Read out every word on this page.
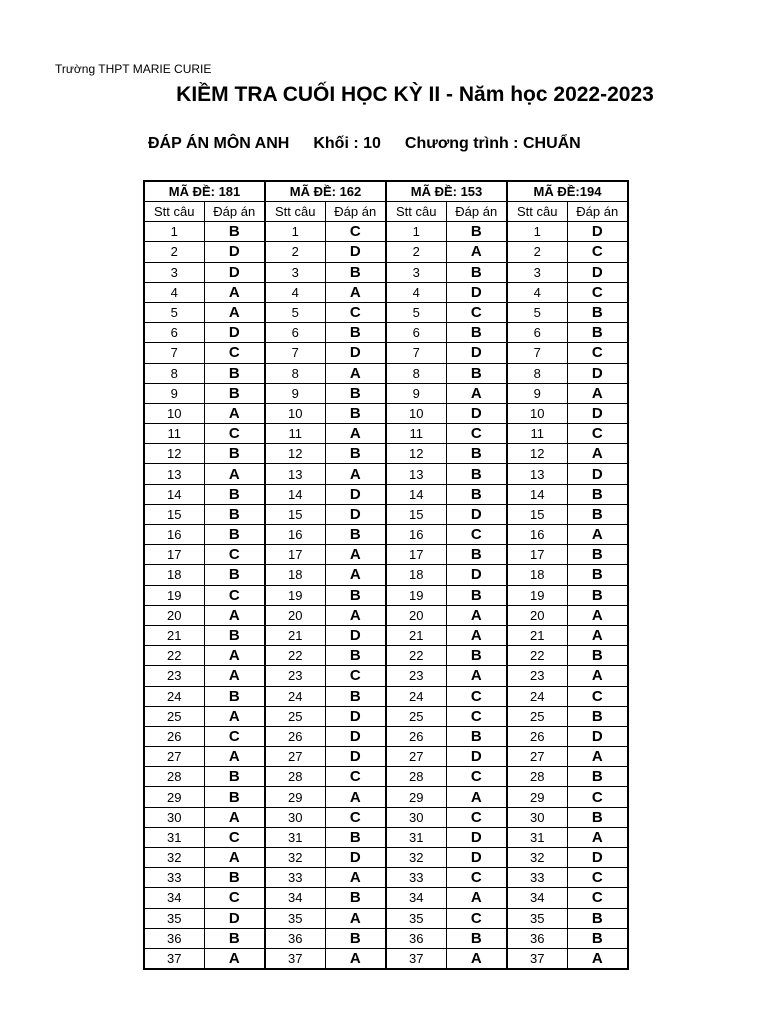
Trường THPT MARIE CURIE
KIỀM TRA CUỐI HỌC KỲ II - Năm học 2022-2023
ĐÁP ÁN MÔN ANH Khối : 10 Chương trình : CHUẨN
MÃ ĐỀ: 181		MÃ ĐỀ: 162		MÃ ĐỀ: 153		MÃ ĐỀ:194	
Stt câu	Đáp án	Stt câu	Đáp án	Stt câu	Đáp án	Stt câu	Đáp án
1	B	1	C	1	B	1	D
2	D	2	D	2	A	2	C
3	D	3	B	3	B	3	D
4	A	4	A	4	D	4	C
5	A	5	C	5	C	5	B
6	D	6	B	6	B	6	B
7	C	7	D	7	D	7	C
8	B	8	A	8	B	8	D
9	B	9	B	9	A	9	A
10	A	10	B	10	D	10	D
11	C	11	A	11	C	11	C
12	B	12	B	12	B	12	A
13	A	13	A	13	B	13	D
14	B	14	D	14	B	14	B
15	B	15	D	15	D	15	B
16	B	16	B	16	C	16	A
17	C	17	A	17	B	17	B
18	B	18	A	18	D	18	B
19	C	19	B	19	B	19	B
20	A	20	A	20	A	20	A
21	B	21	D	21	A	21	A
22	A	22	B	22	B	22	B
23	A	23	C	23	A	23	A
24	B	24	B	24	C	24	C
25	A	25	D	25	C	25	B
26	C	26	D	26	B	26	D
27	A	27	D	27	D	27	A
28	B	28	C	28	C	28	B
29	B	29	A	29	A	29	C
30	A	30	C	30	C	30	B
31	C	31	B	31	D	31	A
32	A	32	D	32	D	32	D
33	B	33	A	33	C	33	C
34	C	34	B	34	A	34	C
35	D	35	A	35	C	35	B
36	B	36	B	36	B	36	B
37	A	37	A	37	A	37	A
